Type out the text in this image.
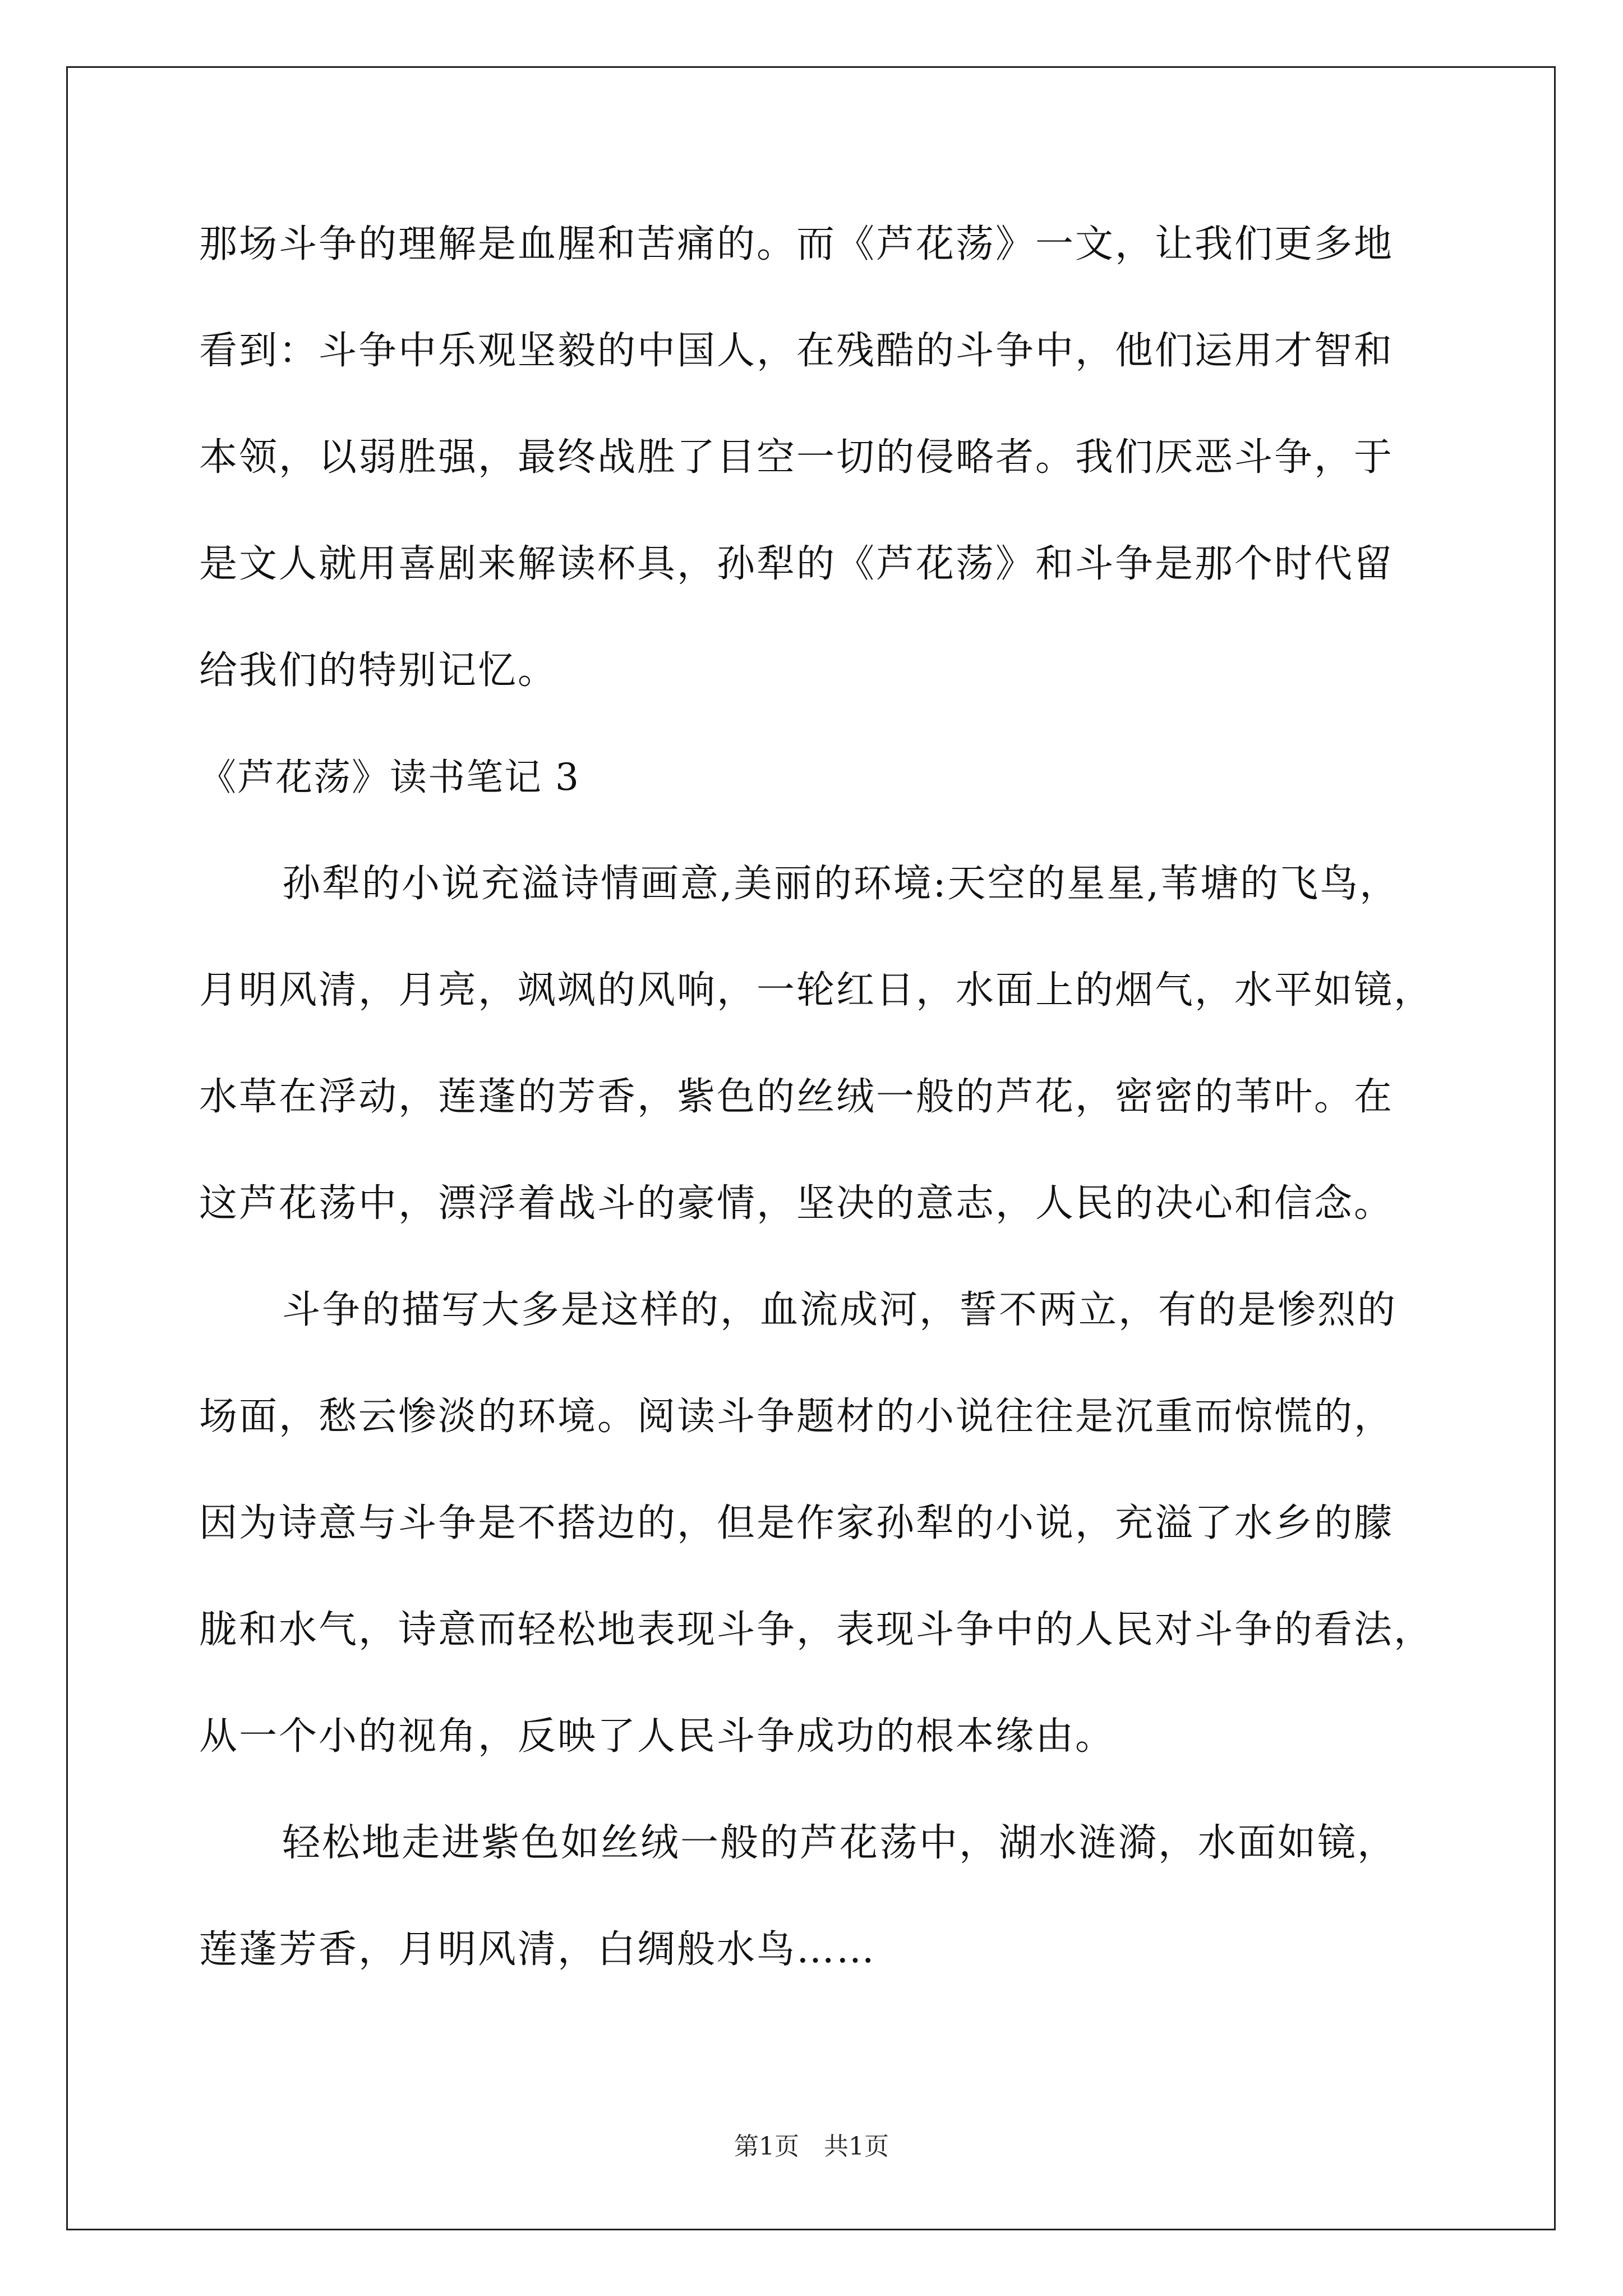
那场斗争的理解是血腥和苦痛的。而《芦花荡》一文，让我们更多地
看到：斗争中乐观坚毅的中国人，在残酷的斗争中，他们运用才智和
本领，以弱胜强，最终战胜了目空一切的侵略者。我们厌恶斗争，于
是文人就用喜剧来解读杯具，孙犁的《芦花荡》和斗争是那个时代留
给我们的特别记忆。
《芦花荡》读书笔记 3
孙犁的小说充溢诗情画意,美丽的环境:天空的星星,苇塘的飞鸟，
月明风清，月亮，飒飒的风响，一轮红日，水面上的烟气，水平如镜，
水草在浮动，莲蓬的芳香，紫色的丝绒一般的芦花，密密的苇叶。在
这芦花荡中，漂浮着战斗的豪情，坚决的意志，人民的决心和信念。
斗争的描写大多是这样的，血流成河，誓不两立，有的是惨烈的
场面，愁云惨淡的环境。阅读斗争题材的小说往往是沉重而惊慌的，
因为诗意与斗争是不搭边的，但是作家孙犁的小说，充溢了水乡的朦
胧和水气，诗意而轻松地表现斗争，表现斗争中的人民对斗争的看法，
从一个小的视角，反映了人民斗争成功的根本缘由。
轻松地走进紫色如丝绒一般的芦花荡中，湖水涟漪，水面如镜，
莲蓬芳香，月明风清，白绸般水鸟……
第1页　共1页
